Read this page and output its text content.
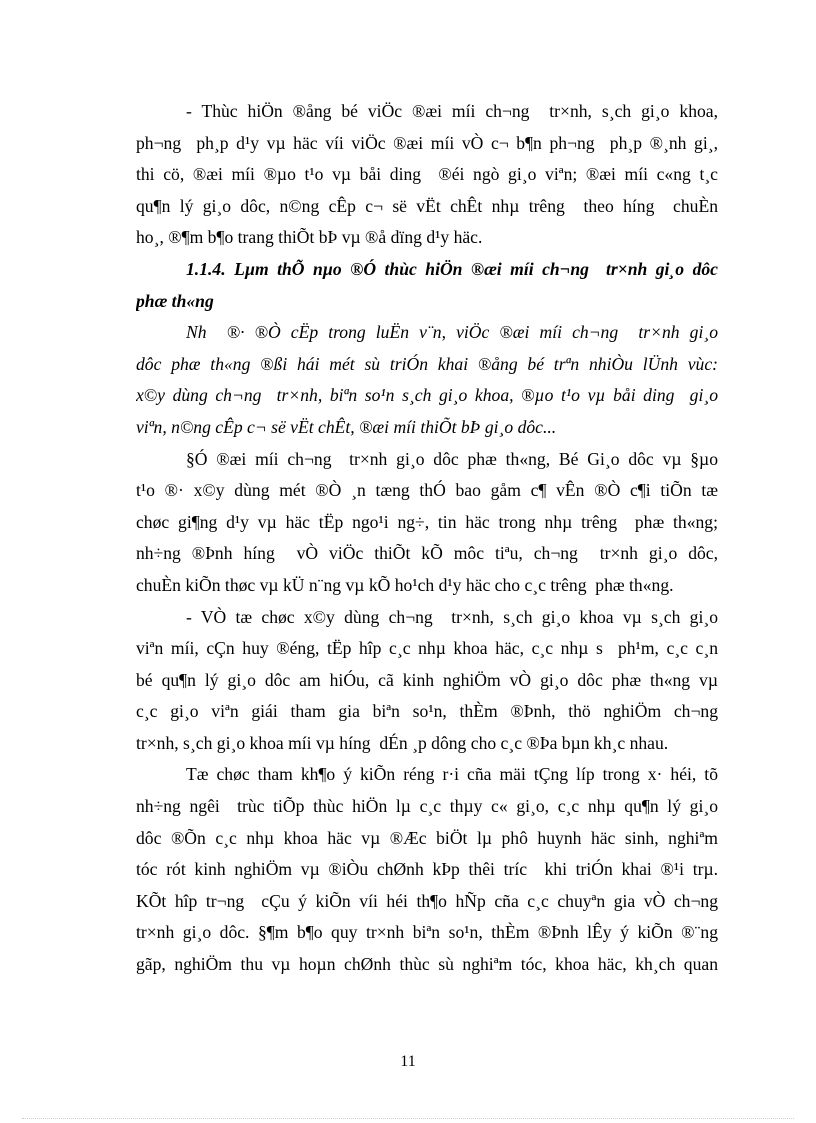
- Thùc hiÖn ®ång bé viÖc ®æi míi ch¬ng  tr×nh, s¸ch gi¸o khoa,
ph¬ng  ph¸p d¹y vµ häc víi viÖc ®æi míi vÒ c¬ b¶n ph¬ng  ph¸p ®¸nh gi¸,
thi cö, ®æi míi ®µo t¹o vµ båi ding  ®éi ngò gi¸o viªn; ®æi míi c«ng t¸c
qu¶n lý gi¸o dôc, n©ng cÊp c¬ së vËt chÊt nhµ trêng  theo híng  chuÈn
ho¸, ®¶m b¶o trang thiÕt bÞ vµ ®å dïng d¹y häc.
1.1.4. Lµm thÕ nµo ®Ó thùc hiÖn ®æi míi ch¬ng  tr×nh gi¸o dôc
phæ th«ng
Nh  ®· ®Ò cËp trong luËn v¨n, viÖc ®æi míi ch¬ng  tr×nh gi¸o
dôc phæ th«ng ®ßi hái mét sù triÓn khai ®ång bé trªn nhiÒu lÜnh vùc:
x©y dùng ch¬ng  tr×nh, biªn so¹n s¸ch gi¸o khoa, ®µo t¹o vµ båi ding  gi¸o
viªn, n©ng cÊp c¬ së vËt chÊt, ®æi míi thiÕt bÞ gi¸o dôc...
§Ó ®æi míi ch¬ng  tr×nh gi¸o dôc phæ th«ng, Bé Gi¸o dôc vµ §µo
t¹o ®· x©y dùng mét ®Ò ¸n tæng thÓ bao gåm c¶ vÊn ®Ò c¶i tiÕn tæ
chøc gi¶ng d¹y vµ häc tËp ngo¹i ng÷, tin häc trong nhµ trêng  phæ th«ng;
nh÷ng ®Þnh híng  vÒ viÖc thiÕt kÕ môc tiªu, ch¬ng  tr×nh gi¸o dôc,
chuÈn kiÕn thøc vµ kÜ n¨ng vµ kÕ ho¹ch d¹y häc cho c¸c trêng  phæ th«ng.
- VÒ tæ chøc x©y dùng ch¬ng  tr×nh, s¸ch gi¸o khoa vµ s¸ch gi¸o
viªn míi, cÇn huy ®éng, tËp hîp c¸c nhµ khoa häc, c¸c nhµ s  ph¹m, c¸c c¸n
bé qu¶n lý gi¸o dôc am hiÓu, cã kinh nghiÖm vÒ gi¸o dôc phæ th«ng vµ
c¸c gi¸o viªn giái tham gia biªn so¹n, thÈm ®Þnh, thö nghiÖm ch¬ng
tr×nh, s¸ch gi¸o khoa míi vµ híng  dÉn ¸p dông cho c¸c ®Þa bµn kh¸c nhau.
Tæ chøc tham kh¶o ý kiÕn réng r·i cña mäi tÇng líp trong x· héi, tõ
nh÷ng ngêi  trùc tiÕp thùc hiÖn lµ c¸c thµy c« gi¸o, c¸c nhµ qu¶n lý gi¸o
dôc ®Õn c¸c nhµ khoa häc vµ ®Æc biÖt lµ phô huynh häc sinh, nghiªm
tóc rót kinh nghiÖm vµ ®iÒu chØnh kÞp thêi tríc  khi triÓn khai ®¹i trµ.
KÕt hîp tr¬ng  cÇu ý kiÕn víi héi th¶o hÑp cña c¸c chuyªn gia vÒ ch¬ng
tr×nh gi¸o dôc. §¶m b¶o quy tr×nh biªn so¹n, thÈm ®Þnh lÊy ý kiÕn ®¨ng
gãp, nghiÖm thu vµ hoµn chØnh thùc sù nghiªm tóc, khoa häc, kh¸ch quan
11
